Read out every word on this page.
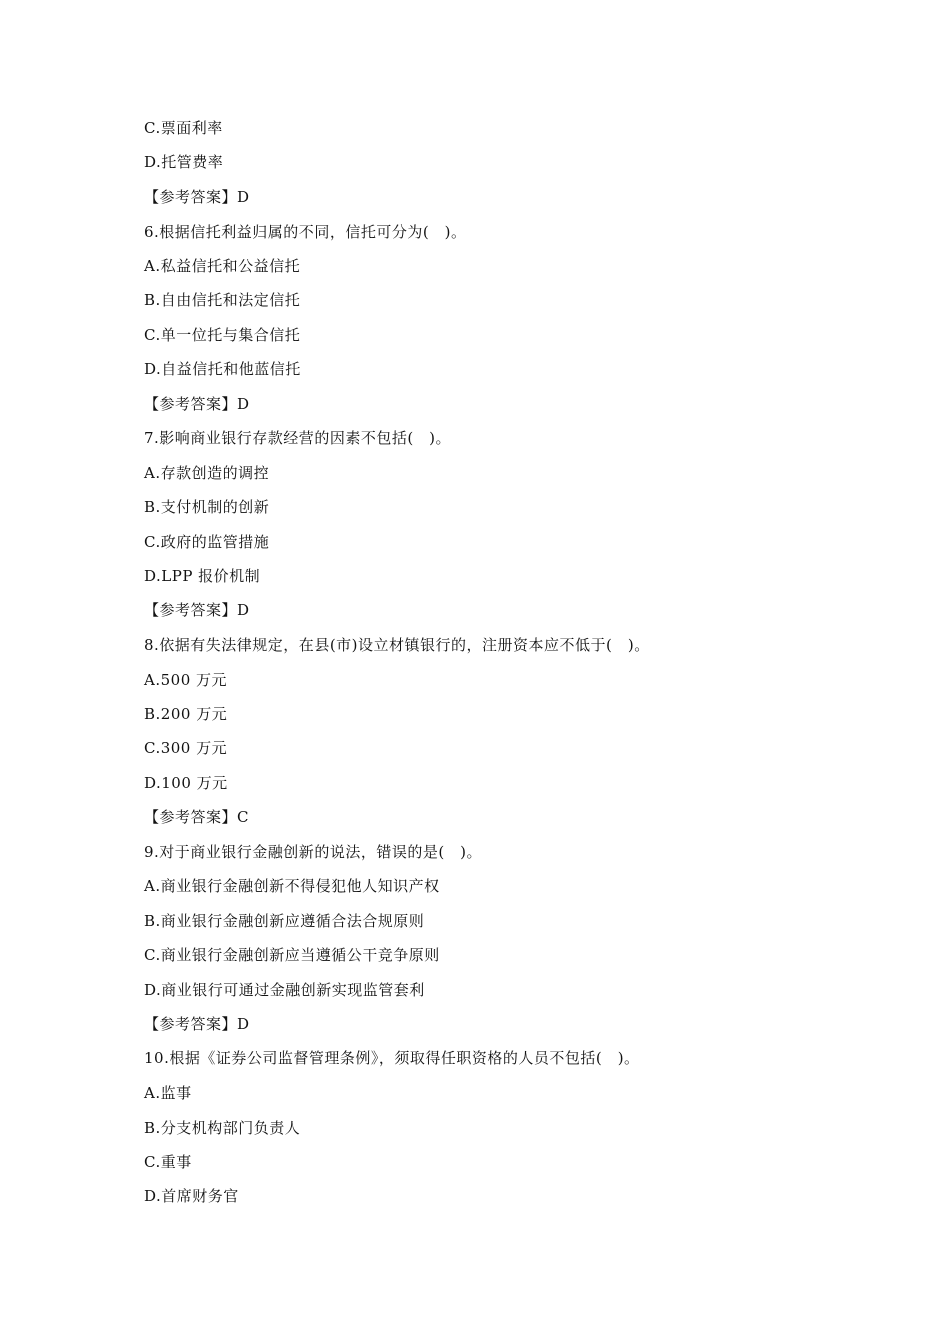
C.票面利率
D.托管费率
【参考答案】D
6.根据信托利益归属的不同，信托可分为(　)。
A.私益信托和公益信托
B.自由信托和法定信托
C.单一位托与集合信托
D.自益信托和他蓝信托
【参考答案】D
7.影响商业银行存款经营的因素不包括(　)。
A.存款创造的调控
B.支付机制的创新
C.政府的监管措施
D.LPP 报价机制
【参考答案】D
8.依据有失法律规定，在县(市)设立材镇银行的，注册资本应不低于(　)。
A.500 万元
B.200 万元
C.300 万元
D.100 万元
【参考答案】C
9.对于商业银行金融创新的说法，错误的是(　)。
A.商业银行金融创新不得侵犯他人知识产权
B.商业银行金融创新应遵循合法合规原则
C.商业银行金融创新应当遵循公干竞争原则
D.商业银行可通过金融创新实现监管套利
【参考答案】D
10.根据《证券公司监督管理条例》，须取得任职资格的人员不包括(　)。
A.监事
B.分支机构部门负责人
C.重事
D.首席财务官
